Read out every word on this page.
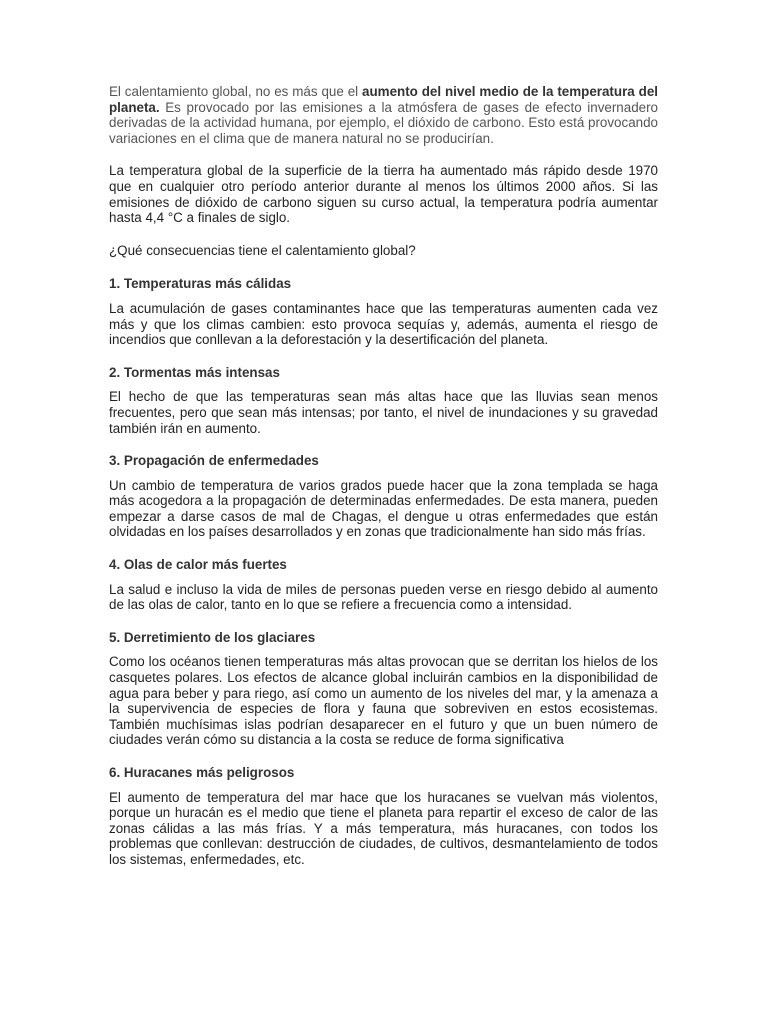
El calentamiento global, no es más que el aumento del nivel medio de la temperatura del planeta. Es provocado por las emisiones a la atmósfera de gases de efecto invernadero derivadas de la actividad humana, por ejemplo, el dióxido de carbono. Esto está provocando variaciones en el clima que de manera natural no se producirían.

La temperatura global de la superficie de la tierra ha aumentado más rápido desde 1970 que en cualquier otro período anterior durante al menos los últimos 2000 años. Si las emisiones de dióxido de carbono siguen su curso actual, la temperatura podría aumentar hasta 4,4 °C a finales de siglo.

¿Qué consecuencias tiene el calentamiento global?

1. Temperaturas más cálidas

La acumulación de gases contaminantes hace que las temperaturas aumenten cada vez más y que los climas cambien: esto provoca sequías y, además, aumenta el riesgo de incendios que conllevan a la deforestación y la desertificación del planeta.

2. Tormentas más intensas

El hecho de que las temperaturas sean más altas hace que las lluvias sean menos frecuentes, pero que sean más intensas; por tanto, el nivel de inundaciones y su gravedad también irán en aumento.

3. Propagación de enfermedades

Un cambio de temperatura de varios grados puede hacer que la zona templada se haga más acogedora a la propagación de determinadas enfermedades. De esta manera, pueden empezar a darse casos de mal de Chagas, el dengue u otras enfermedades que están olvidadas en los países desarrollados y en zonas que tradicionalmente han sido más frías.

4. Olas de calor más fuertes

La salud e incluso la vida de miles de personas pueden verse en riesgo debido al aumento de las olas de calor, tanto en lo que se refiere a frecuencia como a intensidad.

5. Derretimiento de los glaciares

Como los océanos tienen temperaturas más altas provocan que se derritan los hielos de los casquetes polares. Los efectos de alcance global incluirán cambios en la disponibilidad de agua para beber y para riego, así como un aumento de los niveles del mar, y la amenaza a la supervivencia de especies de flora y fauna que sobreviven en estos ecosistemas. También muchísimas islas podrían desaparecer en el futuro y que un buen número de ciudades verán cómo su distancia a la costa se reduce de forma significativa

6. Huracanes más peligrosos

El aumento de temperatura del mar hace que los huracanes se vuelvan más violentos, porque un huracán es el medio que tiene el planeta para repartir el exceso de calor de las zonas cálidas a las más frías. Y a más temperatura, más huracanes, con todos los problemas que conllevan: destrucción de ciudades, de cultivos, desmantelamiento de todos los sistemas, enfermedades, etc.
